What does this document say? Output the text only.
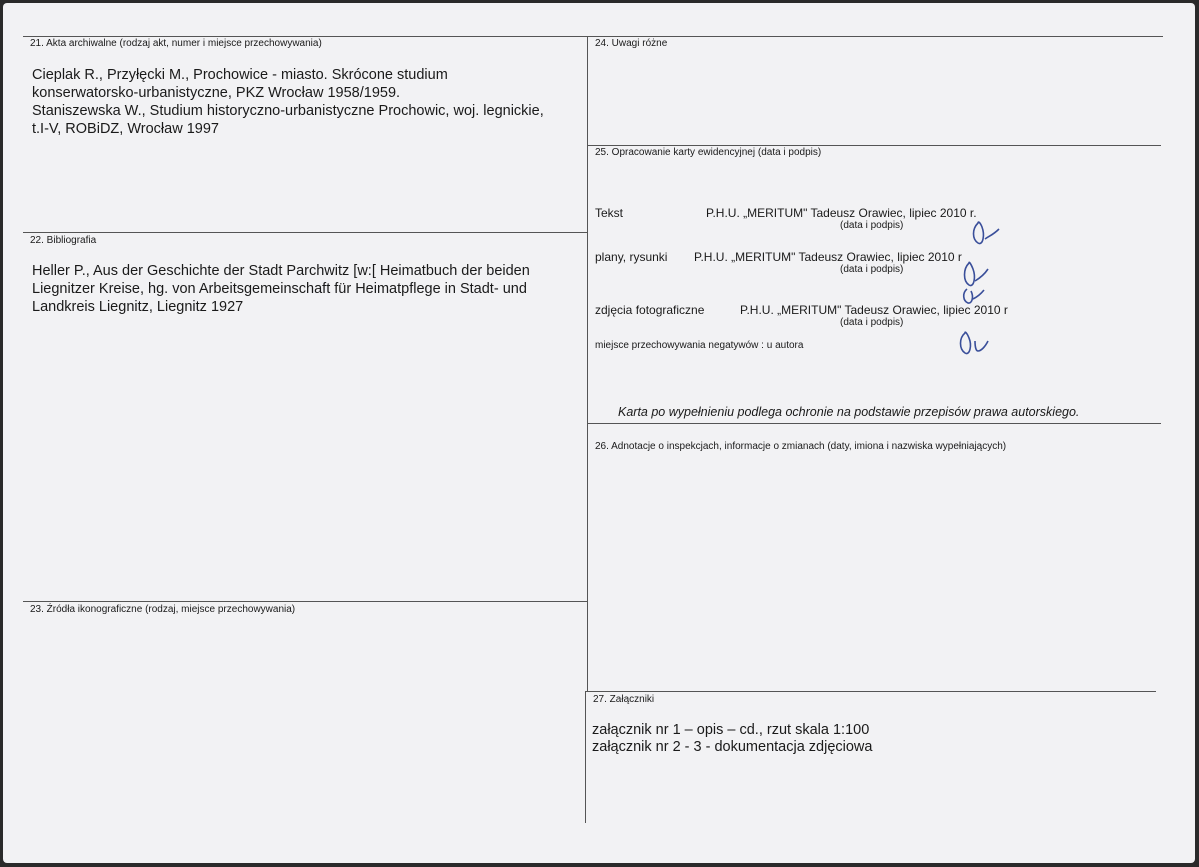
21. Akta archiwalne (rodzaj akt, numer i miejsce przechowywania)
Cieplak R., Przyłęcki M., Prochowice - miasto. Skrócone studium
konserwatorsko-urbanistyczne, PKZ Wrocław 1958/1959.
Staniszewska W., Studium historyczno-urbanistyczne Prochowic, woj. legnickie,
t.I-V, ROBiDZ, Wrocław 1997
22. Bibliografia
Heller P., Aus der Geschichte der Stadt Parchwitz [w:[ Heimatbuch der beiden
Liegnitzer Kreise, hg. von Arbeitsgemeinschaft für Heimatpflege in Stadt- und
Landkreis Liegnitz, Liegnitz 1927
23. Źródła ikonograficzne (rodzaj, miejsce przechowywania)
24. Uwagi różne
25. Opracowanie karty ewidencyjnej (data i podpis)
Tekst	P.H.U. „MERITUM" Tadeusz Orawiec, lipiec 2010 r.
(data i podpis)
plany, rysunki P.H.U. „MERITUM" Tadeusz Orawiec, lipiec 2010 r
(data i podpis)
zdjęcia fotograficzne	P.H.U. „MERITUM" Tadeusz Orawiec, lipiec 2010 r
(data i podpis)
miejsce przechowywania negatywów : u autora
Karta po wypełnieniu podlega ochronie na podstawie przepisów prawa autorskiego.
26. Adnotacje o inspekcjach, informacje o zmianach (daty, imiona i nazwiska wypełniających)
27. Załączniki
załącznik nr 1 – opis – cd., rzut skala 1:100
załącznik nr 2 - 3 - dokumentacja zdjęciowa
